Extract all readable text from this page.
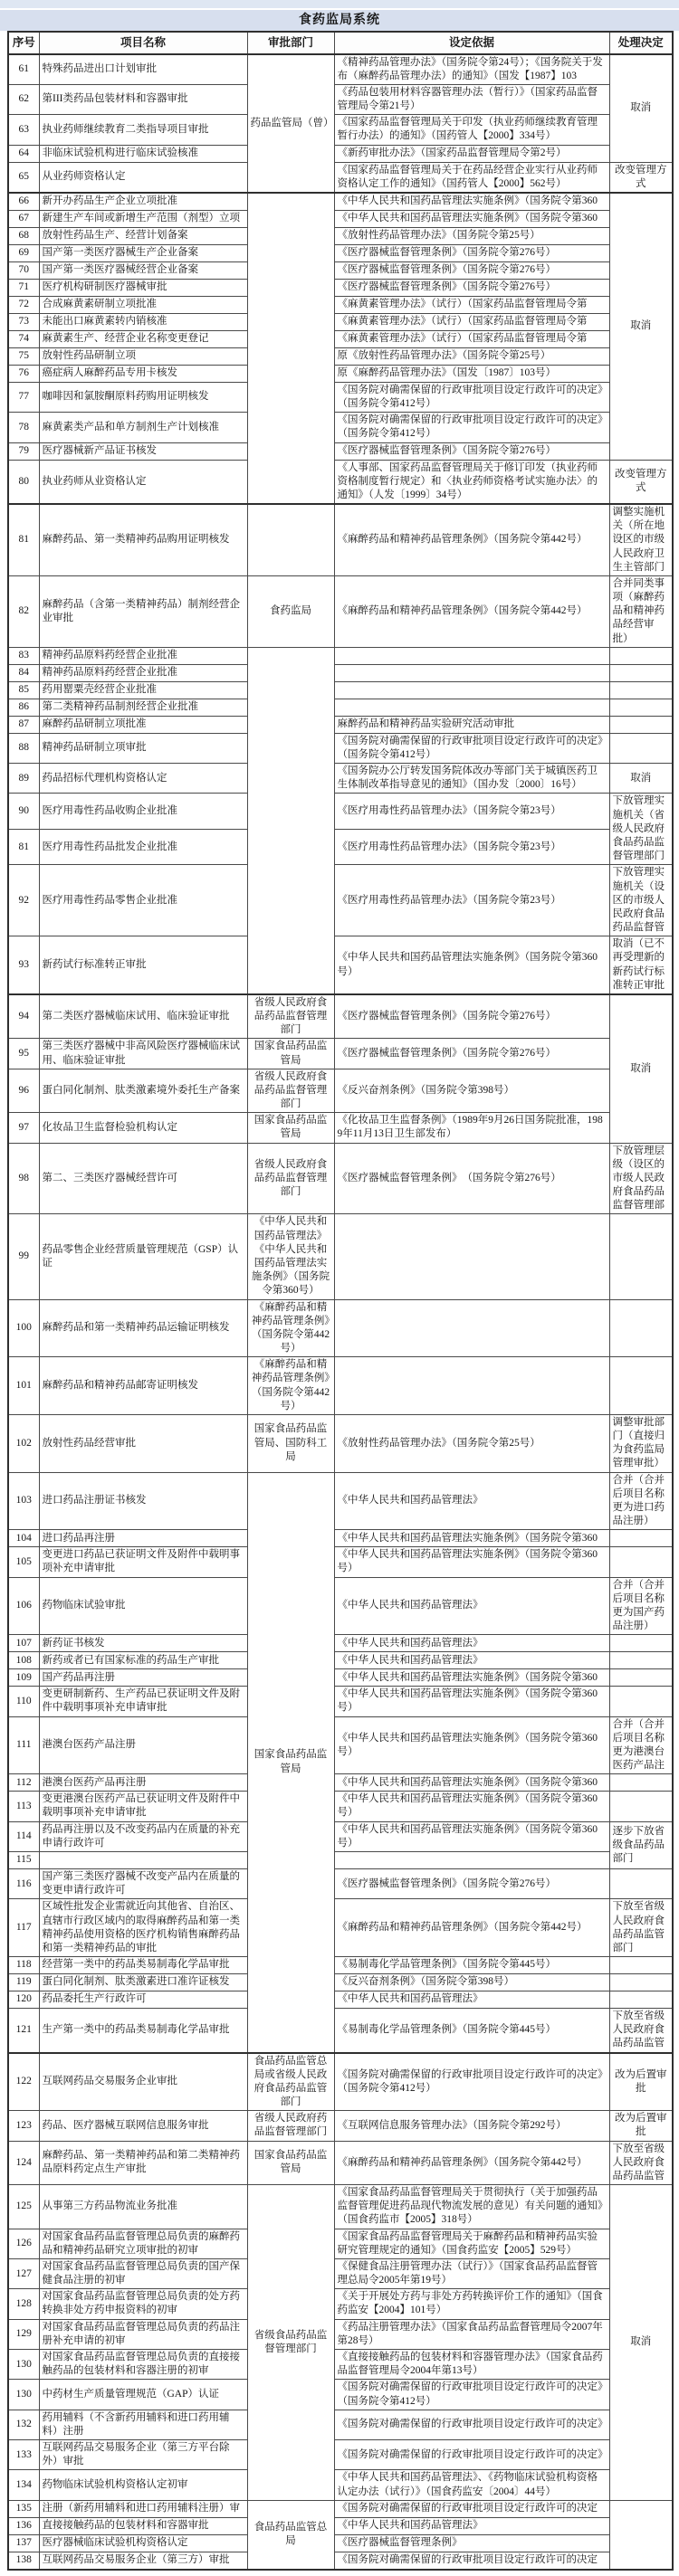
食药监局系统
序号	项目名称	审批部门	设定依据	处理决定
61	特殊药品进出口计划审批	药品监管局（曾）	《精神药品管理办法》（国务院令第24号）；《国务院关于发布（麻醉药品管理办法）的通知》（国发【1987】103	取消
62	第III类药品包装材料和容器审批		《药品包装用材料容器管理办法（暂行）》（国家药品监督管理局令第21号）	
63	执业药师继续教育二类指导项目审批		《国家药品监督管理局关于印发（执业药师继续教育管理暂行办法）的通知》（国药管人【2000】334号）	
64	非临床试验机构进行临床试验核准		《新药审批办法》（国家药品监督管理局令第2号）	
65	从业药师资格认定		《国家药品监督管理局关于在药品经营企业实行从业药师资格认定工作的通知》（国药管人【2000】562号）	改变管理方式
66	新开办药品生产企业立项批准		《中华人民共和国药品管理法实施条例》（国务院令第360	取消
67	新建生产车间或新增生产范围（剂型）立项		《中华人民共和国药品管理法实施条例》（国务院令第360	
68	放射性药品生产、经营计划备案		《放射性药品管理办法》（国务院令第25号）	
69	国产第一类医疗器械生产企业备案		《医疗器械监督管理条例》（国务院令第276号）	
70	国产第一类医疗器械经营企业备案		《医疗器械监督管理条例》（国务院令第276号）	
71	医疗机构研制医疗器械审批		《医疗器械监督管理条例》（国务院令第276号）	
72	合成麻黄素研制立项批准		《麻黄素管理办法》（试行）（国家药品监督管理局令第	
73	未能出口麻黄素转内销核准		《麻黄素管理办法》（试行）（国家药品监督管理局令第	
74	麻黄素生产、经营企业名称变更登记		《麻黄素管理办法》（试行）（国家药品监督管理局令第	
75	放射性药品研制立项		原《放射性药品管理办法》（国务院令第25号）	
76	癌症病人麻醉药品专用卡核发		原《麻醉药品管理办法》（国发〔1987〕103号）	
77	咖啡因和氯胺酮原料药购用证明核发		《国务院对确需保留的行政审批项目设定行政许可的决定》（国务院令第412号）	
78	麻黄素类产品和单方制剂生产计划核准		《国务院对确需保留的行政审批项目设定行政许可的决定》（国务院令第412号）	
79	医疗器械新产品证书核发		《医疗器械监督管理条例》（国务院令第276号）	
80	执业药师从业资格认定		《人事部、国家药品监督管理局关于修订印发（执业药师资格制度暂行规定）和〈执业药师资格考试实施办法〉的通知》（人发〔1999〕34号）	改变管理方式
81	麻醉药品、第一类精神药品购用证明核发		《麻醉药品和精神药品管理条例》（国务院令第442号）	调整实施机关（所在地设区的市级人民政府卫生主管部门
82	麻醉药品（含第一类精神药品）制剂经营企业审批	食药监局	《麻醉药品和精神药品管理条例》（国务院令第442号）	合并同类事项（麻醉药品和精神药品经营审批）
83	精神药品原料药经营企业批准			
84	精神药品原料药经营企业批准			
85	药用罂粟壳经营企业批准			
86	第二类精神药品制剂经营企业批准			
87	麻醉药品研制立项批准		麻醉药品和精神药品实验研究活动审批	
88	精神药品研制立项审批		《国务院对确需保留的行政审批项目设定行政许可的决定》（国务院令第412号）	
89	药品招标代理机构资格认定		《国务院办公厅转发国务院体改办等部门关于城镇医药卫生体制改革指导意见的通知》（国办发〔2000〕16号）	取消
90	医疗用毒性药品收购企业批准		《医疗用毒性药品管理办法》（国务院令第23号）	下放管理实施机关（省级人民政府食品药品监督管理部门
81	医疗用毒性药品批发企业批准		《医疗用毒性药品管理办法》（国务院令第23号）	
92	医疗用毒性药品零售企业批准		《医疗用毒性药品管理办法》（国务院令第23号）	下放管理实施机关（设区的市级人民政府食品药品监督管
93	新药试行标准转正审批		《中华人民共和国药品管理法实施条例》（国务院令第360号）	取消（已不再受理新的新药试行标准转正审批
94	第二类医疗器械临床试用、临床验证审批	省级人民政府食品药品监督管理部门	《医疗器械监督管理条例》（国务院令第276号）	取消
95	第三类医疗器械中非高风险医疗器械临床试用、临床验证审批	国家食品药品监管局	《医疗器械监督管理条例》（国务院令第276号）	
96	蛋白同化制剂、肽类激素境外委托生产备案	省级人民政府食品药品监督管理部门	《反兴奋剂条例》（国务院令第398号）	
97	化妆品卫生监督检验机构认定	国家食品药品监管局	《化妆品卫生监督条例》（1989年9月26日国务院批准，1989年11月13日卫生部发布）	
98	第二、三类医疗器械经营许可	省级人民政府食品药品监督管理部门	《医疗器械监督管理条例》　（国务院令第276号）	下放管理层级（设区的市级人民政府食品药品监督管理部
99	药品零售企业经营质量管理规范（GSP）认证	《中华人民共和国药品管理法》《中华人民共和国药品管理法实施条例》（国务院令第360号）		
100	麻醉药品和第一类精神药品运输证明核发	《麻醉药品和精神药品管理条例》（国务院令第442号）		
101	麻醉药品和精神药品邮寄证明核发	《麻醉药品和精神药品管理条例》（国务院令第442号）		
102	放射性药品经营审批	国家食品药品监管局、国防科工局	《放射性药品管理办法》（国务院令第25号）	调整审批部门（直接归为食药监局管理审批）
103	进口药品注册证书核发	国家食品药品监管局	《中华人民共和国药品管理法》	合并（合并后项目名称更为进口药品注册）
104	进口药品再注册		《中华人民共和国药品管理法实施条例》（国务院令第360	
105	变更进口药品已获证明文件及附件中载明事项补充申请审批		《中华人民共和国药品管理法实施条例》（国务院令第360号）	
106	药物临床试验审批		《中华人民共和国药品管理法》	合并（合并后项目名称更为国产药品注册）
107	新药证书核发		《中华人民共和国药品管理法》	
108	新药或者已有国家标准的药品生产审批		《中华人民共和国药品管理法》	
109	国产药品再注册		《中华人民共和国药品管理法实施条例》（国务院令第360	
110	变更研制新药、生产药品已获证明文件及附件中载明事项补充申请审批		《中华人民共和国药品管理法实施条例》（国务院令第360号）	
111	港澳台医药产品注册		《中华人民共和国药品管理法实施条例》（国务院令第360号）	合并（合并后项目名称更为港澳台医药产品注
112	港澳台医药产品再注册		《中华人民共和国药品管理法实施条例》（国务院令第360	
113	变更港澳台医药产品已获证明文件及附件中载明事项补充申请审批		《中华人民共和国药品管理法实施条例》（国务院令第360号）	
114	药品再注册以及不改变药品内在质量的补充申请行政许可		《中华人民共和国药品管理法实施条例》（国务院令第360号）	逐步下放省级食品药品部门
115				
116	国产第三类医疗器械不改变产品内在质量的变更申请行政许可		《医疗器械监督管理条例》（国务院令第276号）	
117	区域性批发企业需就近向其他省、自治区、直辖市行政区域内的取得麻醉药品和第一类精神药品使用资格的医疗机构销售麻醉药品和第一类精神药品的审批		《麻醉药品和精神药品管理条例》（国务院令第442号）	下放至省级人民政府食品药品监管部门
118	经营第一类中的药品类易制毒化学品审批		《易制毒化学品管理条例》（国务院令第445号）	
119	蛋白同化制剂、肽类激素进口准许证核发		《反兴奋剂条例》（国务院令第398号）	
120	药品委托生产行政许可		《中华人民共和国药品管理法》	
121	生产第一类中的药品类易制毒化学品审批		《易制毒化学品管理条例》（国务院令第445号）	下放至省级人民政府食品药品监管
122	互联网药品交易服务企业审批	食品药品监管总局或省级人民政府食品药品监管部门	《国务院对确需保留的行政审批项目设定行政许可的决定》（国务院令第412号）	改为后置审批
123	药品、医疗器械互联网信息服务审批	省级人民政府药品监督管理部门	《互联网信息服务管理办法》（国务院令第292号）	改为后置审批
124	麻醉药品、第一类精神药品和第二类精神药品原料药定点生产审批	国家食品药品监管局	《麻醉药品和精神药品管理条例》（国务院令第442号）	下放至省级人民政府食品药品监管
125	从事第三方药品物流业务批准	省级食品药品监督管理部门	《国家食品药品监督管理局关于贯彻执行（关于加强药品监督管理促进药品现代物流发展的意见）有关问题的通知》（国食药监市【2005】318号）	取消
126	对国家食品药品监督管理总局负责的麻醉药品和精神药品研究立项审批的初审		《国家食品药品监督管理局关于麻醉药品和精神药品实验研究管理规定的通知》（国食药监安【2005】529号）	
127	对国家食品药品监督管理总局负责的国产保健食品注册的初审		《保健食品注册管理办法（试行）》（国家食品药品监督管理总局令2005年第19号）	
128	对国家食品药品监督管理总局负责的处方药转换非处方药申报资料的初审		《关于开展处方药与非处方药转换评价工作的通知》（国食药监安【2004】101号）	
129	对国家食品药品监督管理总局负责的药品注册补充申请的初审		《药品注册管理办法》（国家食品药品监督管理局令2007年第28号）	
130	对国家食品药品监督管理总局负责的直接接触药品的包装材料和容器注册的初审		《直接接触药品的包装材料和容器管理办法》（国家食品药品监督管理局令2004年第13号）	
130	中药材生产质量管理规范（GAP）认证		《国务院对确需保留的行政审批项目设定行政许可的决定》（国务院令第412号）	
132	药用辅料（不含新药用辅料和进口药用辅料）注册		《国务院对确需保留的行政审批项目设定行政许可的决定》	
133	互联网药品交易服务企业（第三方平台除外）审批		《国务院对确需保留的行政审批项目设定行政许可的决定》	
134	药物临床试验机构资格认定初审		《中华人民共和国药品管理法》、《药物临床试验机构资格认定办法（试行）》（国食药监安〔2004〕44号）	
135	注册（新药用辅料和进口药用辅料注册）审	食品药品监管总局	《国务院对确需保留的行政审批项目设定行政许可的决定	
136	直接接触药品的包装材料和容器审批		《中华人民共和国药品管理法》	
137	医疗器械临床试验机构资格认定		《医疗器械监督管理条例》	
138	互联网药品交易服务企业（第三方）审批		《国务院对确需保留的行政审批项目设定行政许可的决定	
